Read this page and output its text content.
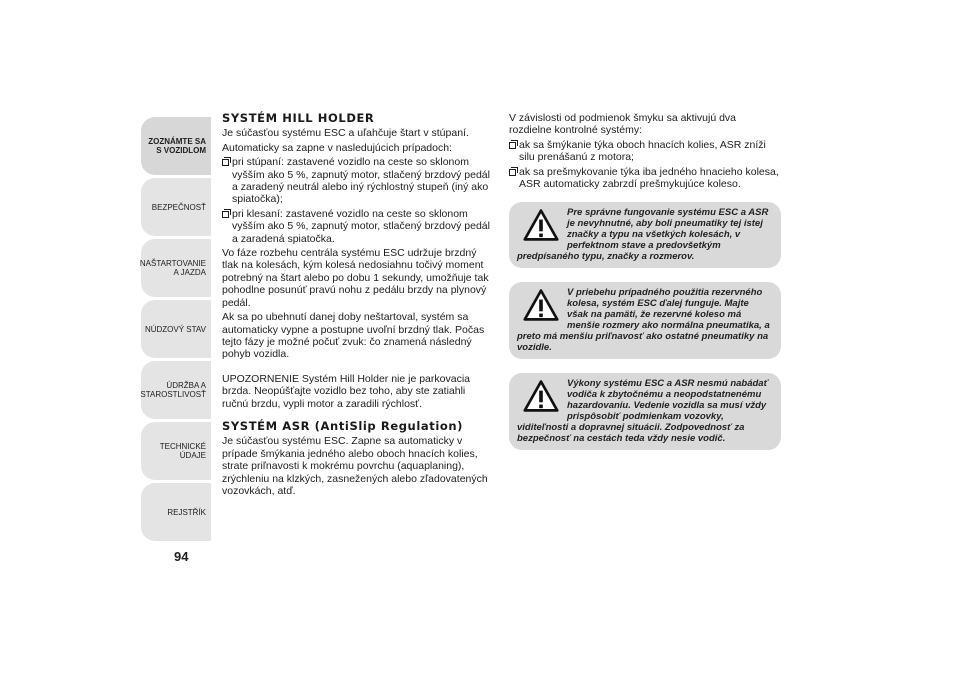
ZOZNÁMTE SA S VOZIDLOM
BEZPEČNOSŤ
NAŠTARTOVANIE A JAZDA
NÚDZOVÝ STAV
ÚDRŽBA A STAROSTLIVOSŤ
TECHNICKÉ ÚDAJE
REJSTŘÍK
94
SYSTÉM HILL HOLDER

Je súčasťou systému ESC a uľahčuje štart v stúpaní.

Automaticky sa zapne v nasledujúcich prípadoch:

pri stúpaní: zastavené vozidlo na ceste so sklonom vyšším ako 5 %, zapnutý motor, stlačený brzdový pedál a zaradený neutrál alebo iný rýchlostný stupeň (iný ako spiatočka);
pri klesaní: zastavené vozidlo na ceste so sklonom vyšším ako 5 %, zapnutý motor, stlačený brzdový pedál a zaradená spiatočka.

Vo fáze rozbehu centrála systému ESC udržuje brzdný tlak na kolesách, kým kolesá nedosiahnu točivý moment potrebný na štart alebo po dobu 1 sekundy, umožňuje tak pohodlne posunúť pravú nohu z pedálu brzdy na plynový pedál.

Ak sa po ubehnutí danej doby neštartoval, systém sa automaticky vypne a postupne uvoľní brzdný tlak. Počas tejto fázy je možné počuť zvuk: čo znamená následný pohyb vozidla.

UPOZORNENIE Systém Hill Holder nie je parkovacia brzda. Neopúšťajte vozidlo bez toho, aby ste zatiahli ručnú brzdu, vypli motor a zaradili rýchlosť.

SYSTÉM ASR (AntiSlip Regulation)

Je súčasťou systému ESC. Zapne sa automaticky v prípade šmýkania jedného alebo oboch hnacích kolies, strate priľnavosti k mokrému povrchu (aquaplaning), zrýchleniu na klzkých, zasnežených alebo zľadovatených vozovkách, atď.

V závislosti od podmienok šmyku sa aktivujú dva rozdielne kontrolné systémy:

ak sa šmýkanie týka oboch hnacích kolies, ASR zníži silu prenášanú z motora;
ak sa prešmykovanie týka iba jedného hnacieho kolesa, ASR automaticky zabrzdí prešmykujúce koleso.
Pre správne fungovanie systému ESC a ASR je nevyhnutné, aby boli pneumatiky tej istej značky a typu na všetkých kolesách, v perfektnom stave a predovšetkým predpísaného typu, značky a rozmerov.
V priebehu prípadného použitia rezervného kolesa, systém ESC ďalej funguje. Majte však na pamäti, že rezervné koleso má menšie rozmery ako normálna pneumatika, a preto má menšiu priľnavosť ako ostatné pneumatiky na vozidle.
Výkony systému ESC a ASR nesmú nabádať vodiča k zbytočnému a neopodstatnenému hazardovaniu. Vedenie vozidla sa musí vždy prispôsobiť podmienkam vozovky, viditeľnosti a dopravnej situácii. Zodpovednosť za bezpečnosť na cestách teda vždy nesie vodič.
